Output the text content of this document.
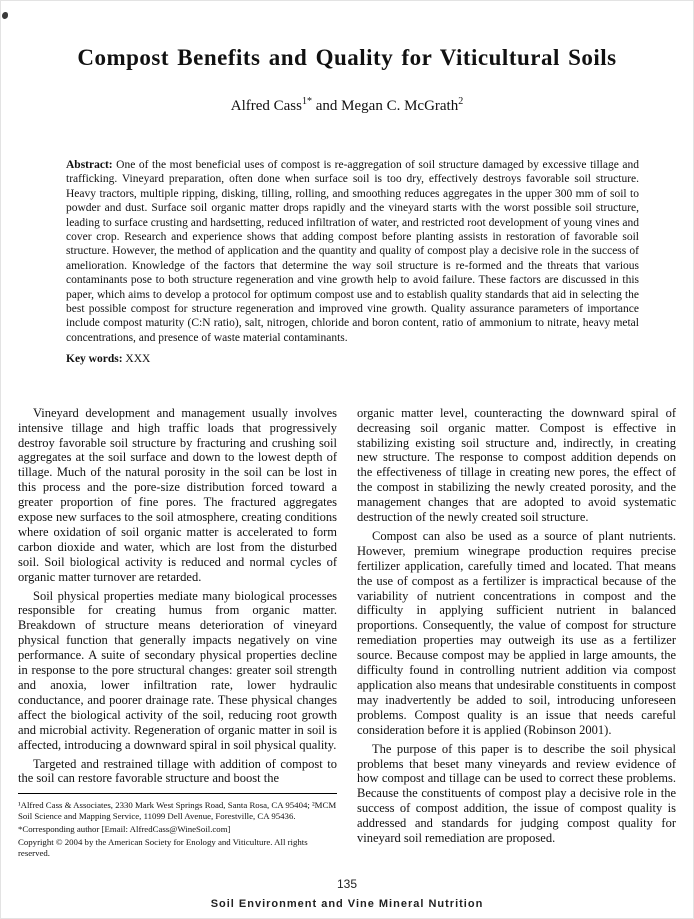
Compost Benefits and Quality for Viticultural Soils
Alfred Cass$^{1*}$ and Megan C. McGrath$^2$
Abstract: One of the most beneficial uses of compost is re-aggregation of soil structure damaged by excessive tillage and trafficking. Vineyard preparation, often done when surface soil is too dry, effectively destroys favorable soil structure. Heavy tractors, multiple ripping, disking, tilling, rolling, and smoothing reduces aggregates in the upper 300 mm of soil to powder and dust. Surface soil organic matter drops rapidly and the vineyard starts with the worst possible soil structure, leading to surface crusting and hardsetting, reduced infiltration of water, and restricted root development of young vines and cover crop. Research and experience shows that adding compost before planting assists in restoration of favorable soil structure. However, the method of application and the quantity and quality of compost play a decisive role in the success of amelioration. Knowledge of the factors that determine the way soil structure is re-formed and the threats that various contaminants pose to both structure regeneration and vine growth help to avoid failure. These factors are discussed in this paper, which aims to develop a protocol for optimum compost use and to establish quality standards that aid in selecting the best possible compost for structure regeneration and improved vine growth. Quality assurance parameters of importance include compost maturity (C:N ratio), salt, nitrogen, chloride and boron content, ratio of ammonium to nitrate, heavy metal concentrations, and presence of waste material contaminants.
Key words: XXX

Vineyard development and management usually involves intensive tillage and high traffic loads that progressively destroy favorable soil structure by fracturing and crushing soil aggregates at the soil surface and down to the lowest depth of tillage. Much of the natural porosity in the soil can be lost in this process and the pore-size distribution forced toward a greater proportion of fine pores. The fractured aggregates expose new surfaces to the soil atmosphere, creating conditions where oxidation of soil organic matter is accelerated to form carbon dioxide and water, which are lost from the disturbed soil. Soil biological activity is reduced and normal cycles of organic matter turnover are retarded.

Soil physical properties mediate many biological processes responsible for creating humus from organic matter. Breakdown of structure means deterioration of vineyard physical function that generally impacts negatively on vine performance. A suite of secondary physical properties decline in response to the pore structural changes: greater soil strength and anoxia, lower infiltration rate, lower hydraulic conductance, and poorer drainage rate. These physical changes affect the biological activity of the soil, reducing root growth and microbial activity. Regeneration of organic matter in soil is affected, introducing a downward spiral in soil physical quality.

Targeted and restrained tillage with addition of compost to the soil can restore favorable structure and boost the

¹Alfred Cass & Associates, 2330 Mark West Springs Road, Santa Rosa, CA 95404; ²MCM Soil Science and Mapping Service, 11099 Dell Avenue, Forestville, CA 95436.

*Corresponding author [Email: AlfredCass@WineSoil.com]

Copyright © 2004 by the American Society for Enology and Viticulture. All rights reserved.

organic matter level, counteracting the downward spiral of decreasing soil organic matter. Compost is effective in stabilizing existing soil structure and, indirectly, in creating new structure. The response to compost addition depends on the effectiveness of tillage in creating new pores, the effect of the compost in stabilizing the newly created porosity, and the management changes that are adopted to avoid systematic destruction of the newly created soil structure.

Compost can also be used as a source of plant nutrients. However, premium winegrape production requires precise fertilizer application, carefully timed and located. That means the use of compost as a fertilizer is impractical because of the variability of nutrient concentrations in compost and the difficulty in applying sufficient nutrient in balanced proportions. Consequently, the value of compost for structure remediation properties may outweigh its use as a fertilizer source. Because compost may be applied in large amounts, the difficulty found in controlling nutrient addition via compost application also means that undesirable constituents in compost may inadvertently be added to soil, introducing unforeseen problems. Compost quality is an issue that needs careful consideration before it is applied (Robinson 2001).

The purpose of this paper is to describe the soil physical problems that beset many vineyards and review evidence of how compost and tillage can be used to correct these problems. Because the constituents of compost play a decisive role in the success of compost addition, the issue of compost quality is addressed and standards for judging compost quality for vineyard soil remediation are proposed.

135
Soil Environment and Vine Mineral Nutrition
